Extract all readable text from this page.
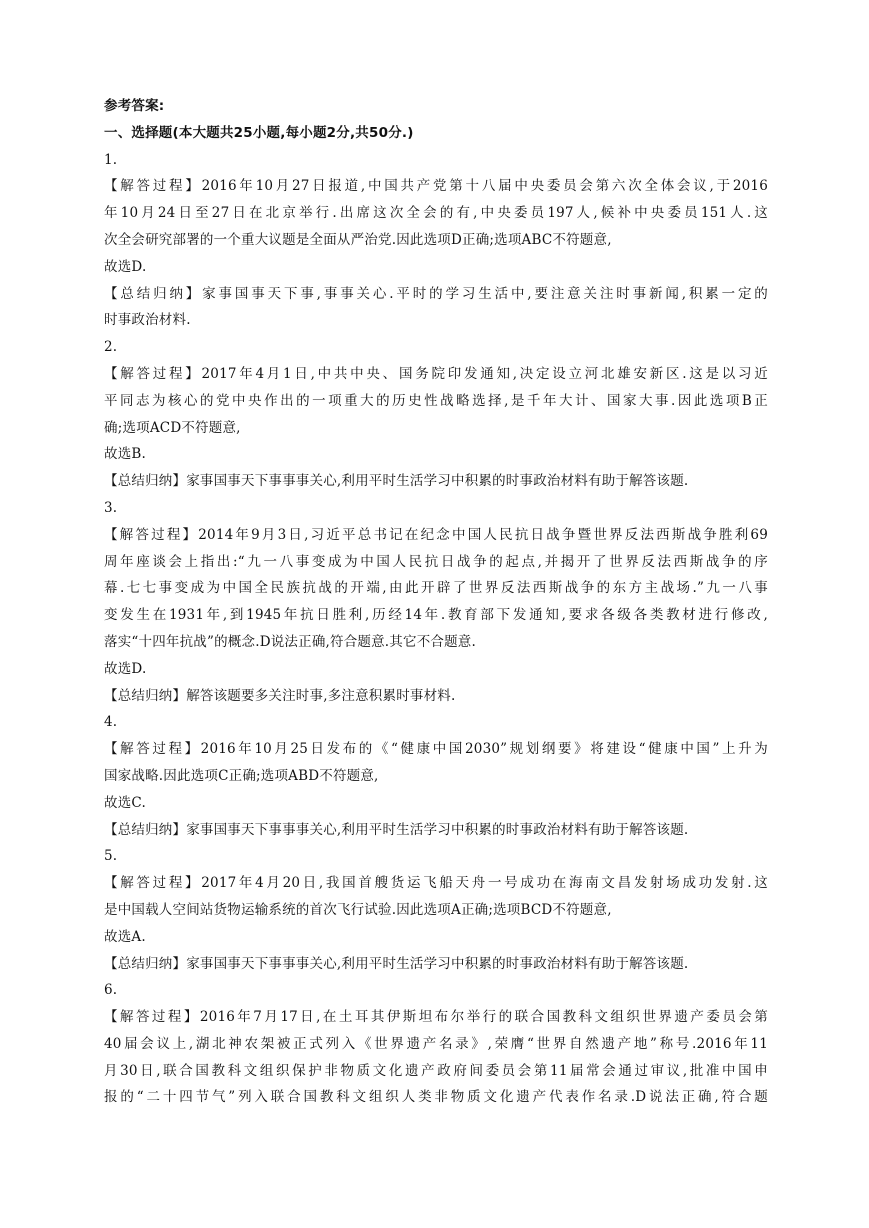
参考答案:
一、选择题(本大题共25小题,每小题2分,共50分.)
1.
【解答过程】2016年10月27日报道,中国共产党第十八届中央委员会第六次全体会议,于2016
年10月24日至27日在北京举行.出席这次全会的有,中央委员197人,候补中央委员151人.这
次全会研究部署的一个重大议题是全面从严治党.因此选项D正确;选项ABC不符题意,
故选D.
【总结归纳】家事国事天下事,事事关心.平时的学习生活中,要注意关注时事新闻,积累一定的
时事政治材料.
2.
【解答过程】2017年4月1日,中共中央、国务院印发通知,决定设立河北雄安新区.这是以习近
平同志为核心的党中央作出的一项重大的历史性战略选择,是千年大计、国家大事.因此选项B正
确;选项ACD不符题意,
故选B.
【总结归纳】家事国事天下事事事关心,利用平时生活学习中积累的时事政治材料有助于解答该题.
3.
【解答过程】2014年9月3日,习近平总书记在纪念中国人民抗日战争暨世界反法西斯战争胜利69
周年座谈会上指出:“九一八事变成为中国人民抗日战争的起点,并揭开了世界反法西斯战争的序
幕.七七事变成为中国全民族抗战的开端,由此开辟了世界反法西斯战争的东方主战场.”九一八事
变发生在1931年,到1945年抗日胜利,历经14年.教育部下发通知,要求各级各类教材进行修改,
落实“十四年抗战”的概念.D说法正确,符合题意.其它不合题意.
故选D.
【总结归纳】解答该题要多关注时事,多注意积累时事材料.
4.
【解答过程】2016年10月25日发布的《“健康中国2030”规划纲要》将建设“健康中国”上升为
国家战略.因此选项C正确;选项ABD不符题意,
故选C.
【总结归纳】家事国事天下事事事关心,利用平时生活学习中积累的时事政治材料有助于解答该题.
5.
【解答过程】2017年4月20日,我国首艘货运飞船天舟一号成功在海南文昌发射场成功发射.这
是中国载人空间站货物运输系统的首次飞行试验.因此选项A正确;选项BCD不符题意,
故选A.
【总结归纳】家事国事天下事事事关心,利用平时生活学习中积累的时事政治材料有助于解答该题.
6.
【解答过程】2016年7月17日,在土耳其伊斯坦布尔举行的联合国教科文组织世界遗产委员会第
40届会议上,湖北神农架被正式列入《世界遗产名录》,荣膺“世界自然遗产地”称号.2016年11
月30日,联合国教科文组织保护非物质文化遗产政府间委员会第11届常会通过审议,批准中国申
报的“二十四节气”列入联合国教科文组织人类非物质文化遗产代表作名录.D说法正确,符合题
